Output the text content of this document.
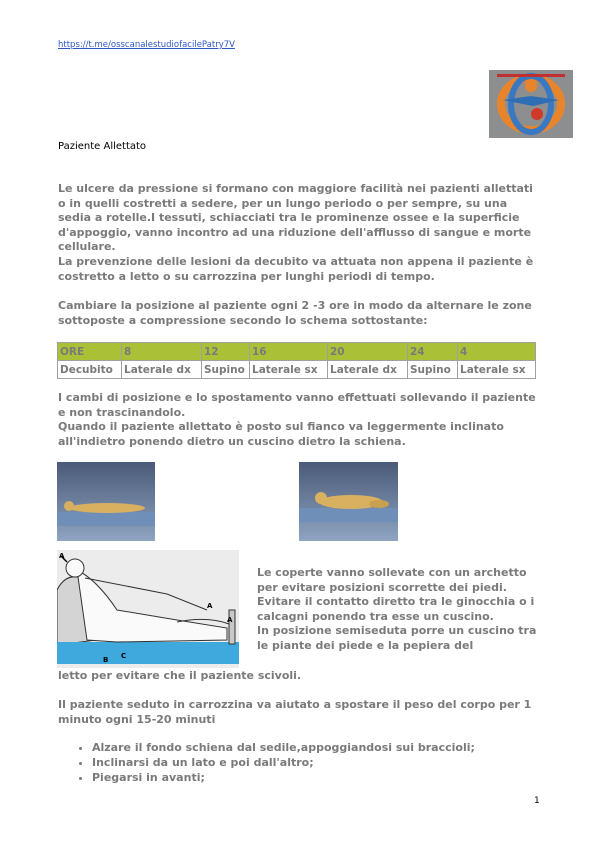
https://t.me/osscanalestudiofacilePatry7V
Paziente Allettato
Le ulcere da pressione si formano con maggiore facilità nei pazienti allettati o in quelli costretti a sedere, per un lungo periodo o per sempre, su una sedia a rotelle.I tessuti, schiacciati tra le prominenze ossee e la superficie d'appoggio, vanno incontro ad una riduzione dell'afflusso di sangue e morte cellulare.
La prevenzione delle lesioni da decubito va attuata non appena il paziente è costretto a letto o su carrozzina per lunghi periodi di tempo.
Cambiare la posizione al paziente ogni 2 -3 ore in modo da alternare le zone sottoposte a compressione secondo lo schema sottostante:
ORE	8	12	16	20	24	4
Decubito	Laterale dx	Supino	Laterale sx	Laterale dx	Supino	Laterale sx
I cambi di posizione e lo spostamento vanno effettuati sollevando il paziente e non trascinandolo.
Quando il paziente allettato è posto sul fianco va leggermente inclinato all'indietro ponendo dietro un cuscino dietro la schiena.
A
A
A
B C
Le coperte vanno sollevate con un archetto per evitare posizioni scorrette dei piedi.
Evitare il contatto diretto tra le ginocchia o i calcagni ponendo tra esse un cuscino.
In posizione semiseduta porre un cuscino tra le piante dei piede e la pepiera del
letto per evitare che il paziente scivoli.
Il paziente seduto in carrozzina va aiutato a spostare il peso del corpo per 1 minuto ogni 15-20 minuti
• Alzare il fondo schiena dal sedile,appoggiandosi sui braccioli;
• Inclinarsi da un lato e poi dall'altro;
• Piegarsi in avanti;
1
